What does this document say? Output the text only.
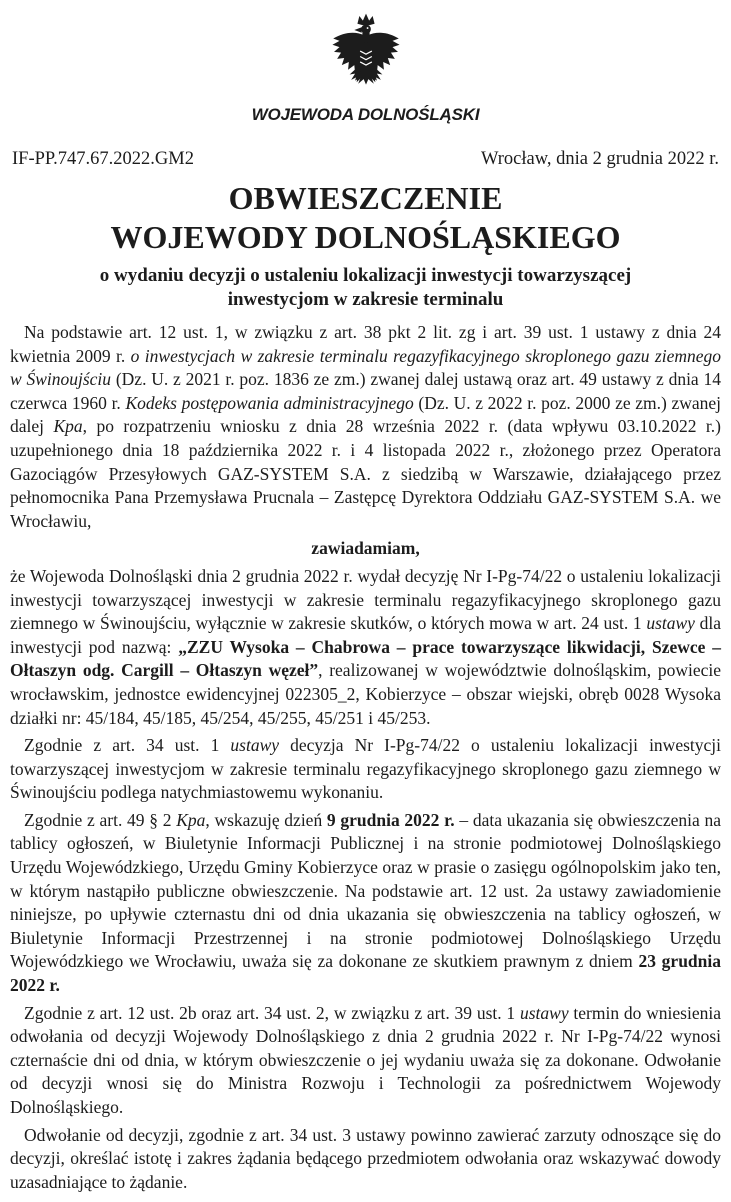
WOJEWODA DOLNOŚLĄSKI
IF-PP.747.67.2022.GM2	Wrocław, dnia 2 grudnia 2022 r.
OBWIESZCZENIE
WOJEWODY DOLNOŚLĄSKIEGO
o wydaniu decyzji o ustaleniu lokalizacji inwestycji towarzyszącej
inwestycjom w zakresie terminalu

Na podstawie art. 12 ust. 1, w związku z art. 38 pkt 2 lit. zg i art. 39 ust. 1 ustawy z dnia 24 kwietnia 2009 r. o inwestycjach w zakresie terminalu regazyfikacyjnego skroplonego gazu ziemnego w Świnoujściu (Dz. U. z 2021 r. poz. 1836 ze zm.) zwanej dalej ustawą oraz art. 49 ustawy z dnia 14 czerwca 1960 r. Kodeks postępowania administracyjnego (Dz. U. z 2022 r. poz. 2000 ze zm.) zwanej dalej Kpa, po rozpatrzeniu wniosku z dnia 28 września 2022 r. (data wpływu 03.10.2022 r.) uzupełnionego dnia 18 października 2022 r. i 4 listopada 2022 r., złożonego przez Operatora Gazociągów Przesyłowych GAZ-SYSTEM S.A. z siedzibą w Warszawie, działającego przez pełnomocnika Pana Przemysława Prucnala – Zastępcę Dyrektora Oddziału GAZ-SYSTEM S.A. we Wrocławiu,

zawiadamiam,

że Wojewoda Dolnośląski dnia 2 grudnia 2022 r. wydał decyzję Nr I-Pg-74/22 o ustaleniu lokalizacji inwestycji towarzyszącej inwestycji w zakresie terminalu regazyfikacyjnego skroplonego gazu ziemnego w Świnoujściu, wyłącznie w zakresie skutków, o których mowa w art. 24 ust. 1 ustawy dla inwestycji pod nazwą: „ZZU Wysoka – Chabrowa – prace towarzyszące likwidacji, Szewce – Ołtaszyn odg. Cargill – Ołtaszyn węzeł”, realizowanej w województwie dolnośląskim, powiecie wrocławskim, jednostce ewidencyjnej 022305_2, Kobierzyce – obszar wiejski, obręb 0028 Wysoka działki nr: 45/184, 45/185, 45/254, 45/255, 45/251 i 45/253.

Zgodnie z art. 34 ust. 1 ustawy decyzja Nr I-Pg-74/22 o ustaleniu lokalizacji inwestycji towarzyszącej inwestycjom w zakresie terminalu regazyfikacyjnego skroplonego gazu ziemnego w Świnoujściu podlega natychmiastowemu wykonaniu.

Zgodnie z art. 49 § 2 Kpa, wskazuję dzień 9 grudnia 2022 r. – data ukazania się obwieszczenia na tablicy ogłoszeń, w Biuletynie Informacji Publicznej i na stronie podmiotowej Dolnośląskiego Urzędu Wojewódzkiego, Urzędu Gminy Kobierzyce oraz w prasie o zasięgu ogólnopolskim jako ten, w którym nastąpiło publiczne obwieszczenie. Na podstawie art. 12 ust. 2a ustawy zawiadomienie niniejsze, po upływie czternastu dni od dnia ukazania się obwieszczenia na tablicy ogłoszeń, w Biuletynie Informacji Przestrzennej i na stronie podmiotowej Dolnośląskiego Urzędu Wojewódzkiego we Wrocławiu, uważa się za dokonane ze skutkiem prawnym z dniem 23 grudnia 2022 r.

Zgodnie z art. 12 ust. 2b oraz art. 34 ust. 2, w związku z art. 39 ust. 1 ustawy termin do wniesienia odwołania od decyzji Wojewody Dolnośląskiego z dnia 2 grudnia 2022 r. Nr I-Pg-74/22 wynosi czternaście dni od dnia, w którym obwieszczenie o jej wydaniu uważa się za dokonane. Odwołanie od decyzji wnosi się do Ministra Rozwoju i Technologii za pośrednictwem Wojewody Dolnośląskiego.

Odwołanie od decyzji, zgodnie z art. 34 ust. 3 ustawy powinno zawierać zarzuty odnoszące się do decyzji, określać istotę i zakres żądania będącego przedmiotem odwołania oraz wskazywać dowody uzasadniające to żądanie.
